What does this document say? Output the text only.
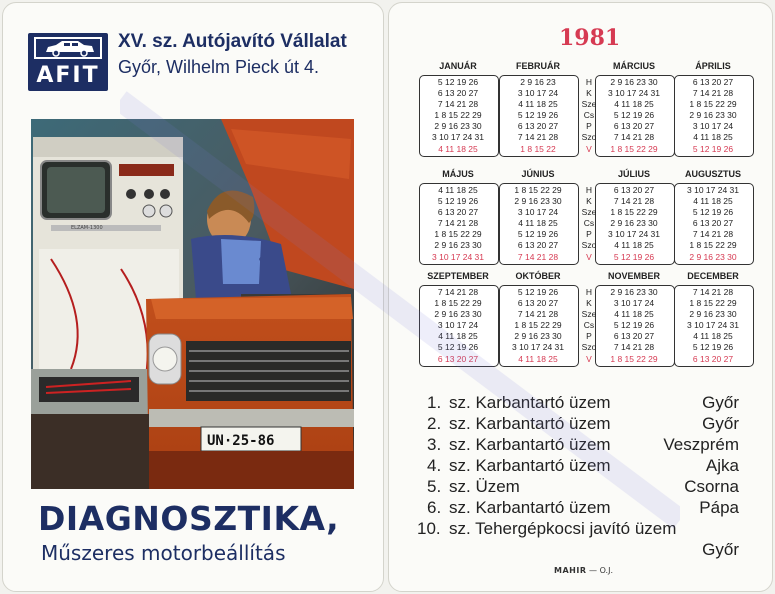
AFIT
XV. sz. Autójavító Vállalat
Győr, Wilhelm Pieck út 4.
ELZAM-1300
UN·25-86
DIAGNOSZTIKA,
Műszeres motorbeállítás
1981
JANUÁR
5 12 19 26
6 13 20 27
7 14 21 28
1 8 15 22 29
2 9 16 23 30
3 10 17 24 31
4 11 18 25
FEBRUÁR
2 9 16 23
3 10 17 24
4 11 18 25
5 12 19 26
6 13 20 27
7 14 21 28
1 8 15 22
MÁRCIUS
2 9 16 23 30
3 10 17 24 31
4 11 18 25
5 12 19 26
6 13 20 27
7 14 21 28
1 8 15 22 29
H
K
Sze
Cs
P
Szo
V
ÁPRILIS
6 13 20 27
7 14 21 28
1 8 15 22 29
2 9 16 23 30
3 10 17 24
4 11 18 25
5 12 19 26
MÁJUS
4 11 18 25
5 12 19 26
6 13 20 27
7 14 21 28
1 8 15 22 29
2 9 16 23 30
3 10 17 24 31
JÚNIUS
1 8 15 22 29
2 9 16 23 30
3 10 17 24
4 11 18 25
5 12 19 26
6 13 20 27
7 14 21 28
JÚLIUS
6 13 20 27
7 14 21 28
1 8 15 22 29
2 9 16 23 30
3 10 17 24 31
4 11 18 25
5 12 19 26
H
K
Sze
Cs
P
Szo
V
AUGUSZTUS
3 10 17 24 31
4 11 18 25
5 12 19 26
6 13 20 27
7 14 21 28
1 8 15 22 29
2 9 16 23 30
SZEPTEMBER
7 14 21 28
1 8 15 22 29
2 9 16 23 30
3 10 17 24
4 11 18 25
5 12 19 26
6 13 20 27
OKTÓBER
5 12 19 26
6 13 20 27
7 14 21 28
1 8 15 22 29
2 9 16 23 30
3 10 17 24 31
4 11 18 25
NOVEMBER
2 9 16 23 30
3 10 17 24
4 11 18 25
5 12 19 26
6 13 20 27
7 14 21 28
1 8 15 22 29
H
K
Sze
Cs
P
Szo
V
DECEMBER
7 14 21 28
1 8 15 22 29
2 9 16 23 30
3 10 17 24 31
4 11 18 25
5 12 19 26
6 13 20 27
1. sz. Karbantartó üzem	Győr
2. sz. Karbantartó üzem	Győr
3. sz. Karbantartó üzem	Veszprém
4. sz. Karbantartó üzem	Ajka
5. sz. Üzem	Csorna
6. sz. Karbantartó üzem	Pápa
10. sz. Tehergépkocsi javító üzem
Győr
MAHIR — O.J.
